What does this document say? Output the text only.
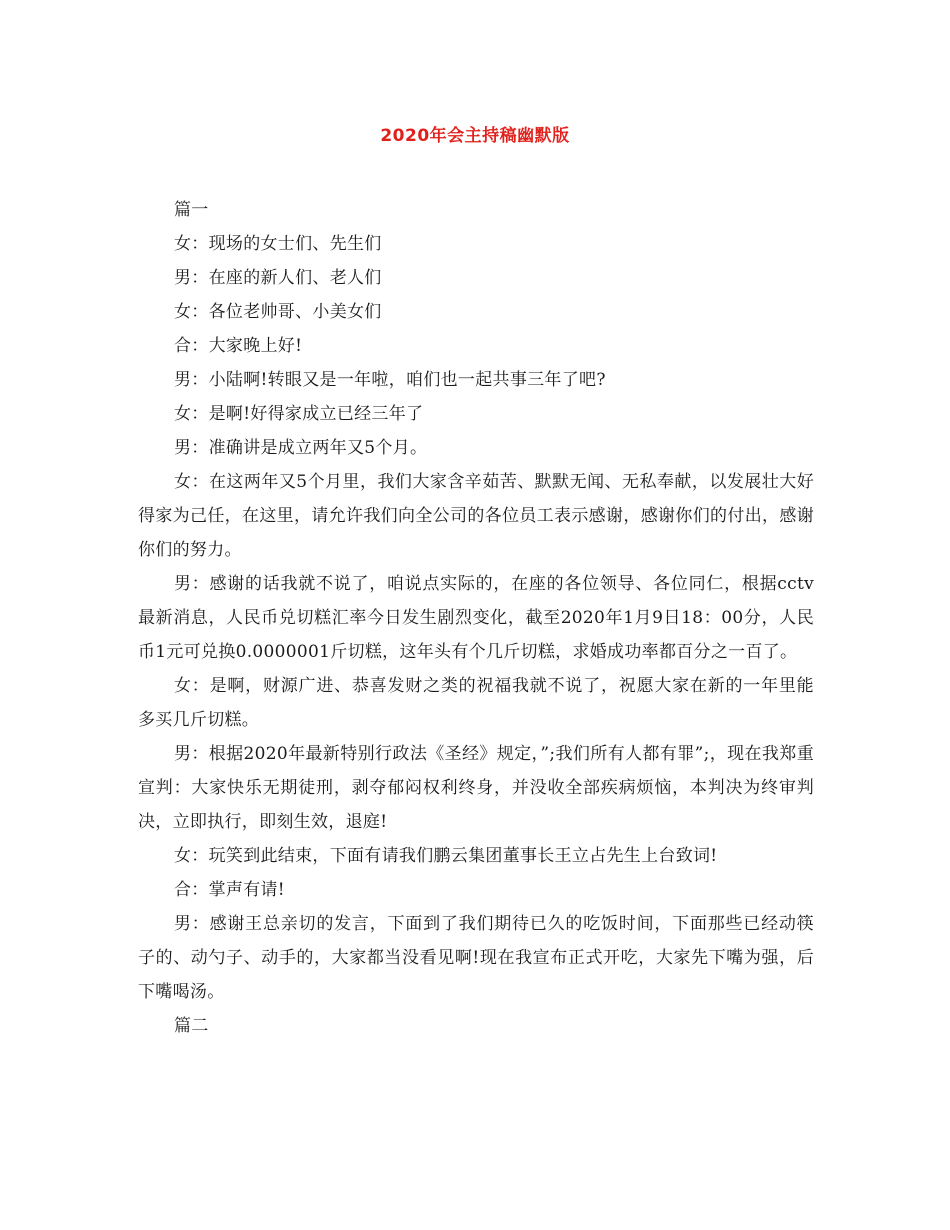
2020年会主持稿幽默版

篇一

女：现场的女士们、先生们

男：在座的新人们、老人们

女：各位老帅哥、小美女们

合：大家晚上好!

男：小陆啊!转眼又是一年啦，咱们也一起共事三年了吧?

女：是啊!好得家成立已经三年了

男：准确讲是成立两年又5个月。

女：在这两年又5个月里，我们大家含辛茹苦、默默无闻、无私奉献，以发展壮大好得家为己任，在这里，请允许我们向全公司的各位员工表示感谢，感谢你们的付出，感谢你们的努力。

男：感谢的话我就不说了，咱说点实际的，在座的各位领导、各位同仁，根据cctv最新消息，人民币兑切糕汇率今日发生剧烈变化，截至2020年1月9日18：00分，人民币1元可兑换0.0000001斤切糕，这年头有个几斤切糕，求婚成功率都百分之一百了。

女：是啊，财源广进、恭喜发财之类的祝福我就不说了，祝愿大家在新的一年里能多买几斤切糕。

男：根据2020年最新特别行政法《圣经》规定，”;我们所有人都有罪”;，现在我郑重宣判：大家快乐无期徒刑，剥夺郁闷权利终身，并没收全部疾病烦恼，本判决为终审判决，立即执行，即刻生效，退庭!

女：玩笑到此结束，下面有请我们鹏云集团董事长王立占先生上台致词!

合：掌声有请!

男：感谢王总亲切的发言，下面到了我们期待已久的吃饭时间，下面那些已经动筷子的、动勺子、动手的，大家都当没看见啊!现在我宣布正式开吃，大家先下嘴为强，后下嘴喝汤。

篇二
